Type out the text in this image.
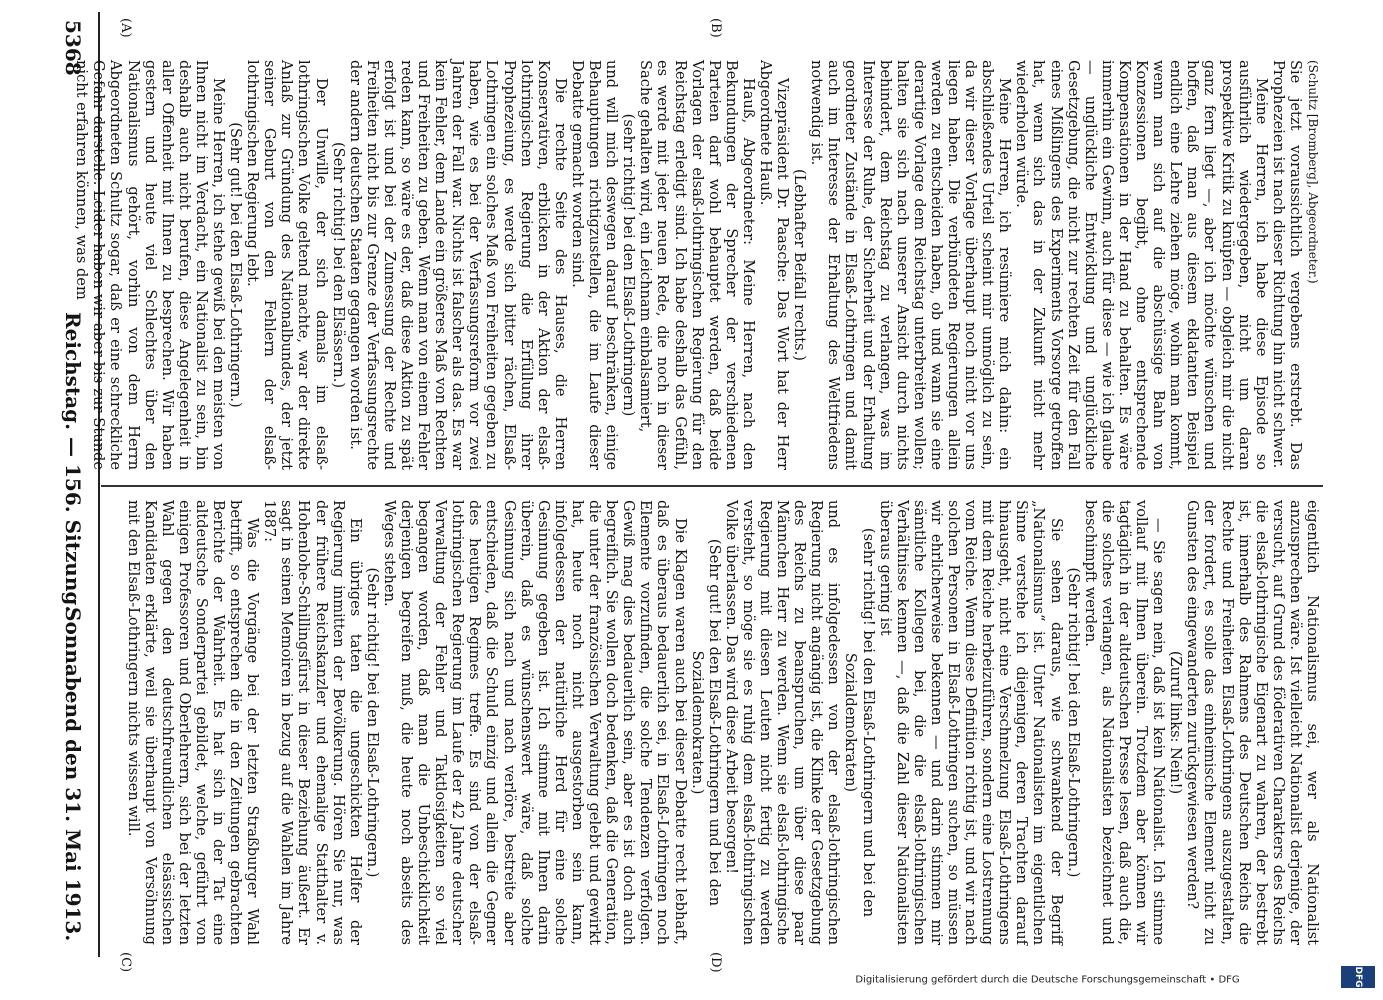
5368
Reichstag. — 156. Sitzung.
Sonnabend den 31. Mai 1913.
(A)	(B)
(C)	(D)

(Schultz [Bromberg], Abgeordneter.)

Sie jetzt voraussichtlich vergebens erstrebt. Das Prophezeien ist nach dieser Richtung hin nicht schwer.

Meine Herren, ich habe diese Episode so ausführlich wiedergegeben, nicht um daran prospektive Kritik zu knüpfen — obgleich mir die nicht ganz fern liegt —, aber ich möchte wünschen und hoffen, daß man aus diesem eklatanten Beispiel endlich eine Lehre ziehen möge, wohin man kommt, wenn man sich auf die abschüssige Bahn von Konzessionen begibt, ohne entsprechende Kompensationen in der Hand zu behalten. Es wäre immerhin ein Gewinn, auch für diese — wie ich glaube — unglückliche Entwicklung und unglückliche Gesetzgebung, die nicht zur rechten Zeit für den Fall eines Mißlingens des Experiments Vorsorge getroffen hat, wenn sich das in der Zukunft nicht mehr wiederholen würde.

Meine Herren, ich resümiere mich dahin: ein abschließendes Urteil scheint mir unmöglich zu sein, da wir dieser Vorlage überhaupt noch nicht vor uns liegen haben. Die verbündeten Regierungen allein werden zu entscheiden haben, ob und wann sie eine derartige Vorlage dem Reichstag unterbreiten wollen; halten sie sich nach unserer Ansicht durch nichts behindert, dem Reichstag zu verlangen, was im Interesse der Ruhe, der Sicherheit und der Erhaltung geordneter Zustände in Elsaß-Lothringen und damit auch im Interesse der Erhaltung des Weltfriedens notwendig ist.

(Lebhafter Beifall rechts.)

Vizepräsident Dr. Paasche: Das Wort hat der Herr Abgeordnete Hauß.

Hauß, Abgeordneter: Meine Herren, nach den Bekundungen der Sprecher der verschiedenen Parteien darf wohl behauptet werden, daß beide Vorlagen der elsaß-lothringischen Regierung für den Reichstag erledigt sind. Ich habe deshalb das Gefühl, es werde mit jeder neuen Rede, die noch in dieser Sache gehalten wird, ein Leichnam einbalsamiert,

(sehr richtig! bei den Elsaß-Lothringern)

und will mich deswegen darauf beschränken, einige Behauptungen richtigzustellen, die im Laufe dieser Debatte gemacht worden sind.

Die rechte Seite des Hauses, die Herren Konservativen, erblicken in der Aktion der elsaß-lothringischen Regierung die Erfüllung ihrer Prophezeiung, es werde sich bitter rächen, Elsaß-Lothringen ein solches Maß von Freiheiten gegeben zu haben, wie es bei der Verfassungsreform vor zwei Jahren der Fall war. Nichts ist falscher als das. Es war kein Fehler, dem Lande ein größeres Maß von Rechten und Freiheiten zu geben. Wenn man von einem Fehler reden kann, so wäre es der, daß diese Aktion zu spät erfolgt ist und bei der Zumessung der Rechte und Freiheiten nicht bis zur Grenze der Verfassungsrechte der andern deutschen Staaten gegangen worden ist.

(Sehr richtig! bei den Elsässern.)

Der Unwille, der sich damals im elsaß-lothringischen Volke geltend machte, war der direkte Anlaß zur Gründung des Nationalbundes, der jetzt seiner Geburt von den Fehlern der elsaß-lothringischen Regierung lebt.

(Sehr gut! bei den Elsaß-Lothringern.)

Meine Herren, ich stehe gewiß bei den meisten von Ihnen nicht im Verdacht, ein Nationalist zu sein, bin deshalb auch nicht berufen, diese Angelegenheit in aller Offenheit mit Ihnen zu besprechen. Wir haben gestern und heute viel Schlechtes über den Nationalismus gehört, vorhin von dem Herrn Abgeordneten Schultz sogar, daß er eine schreckliche Gefahr darstelle. Leider haben wir aber bis zur Stunde nicht erfahren können, was dem

eigentlich Nationalismus sei, wer als Nationalist anzusprechen wäre. Ist vielleicht Nationalist derjenige, der versucht, auf Grund des föderativen Charakters des Reichs die elsaß-lothringische Eigenart zu wahren, der bestrebt ist, innerhalb des Rahmens des Deutschen Reichs die Rechte und Freiheiten Elsaß-Lothringens auszugestalten, der fordert, es solle das einheimische Element nicht zu Gunsten des eingewanderten zurückgewiesen werden?

(Zuruf links: Nein!)

— Sie sagen nein, daß ist kein Nationalist. Ich stimme vollauf mit Ihnen überein. Trotzdem aber können wir tagtäglich in der altdeutschen Presse lesen, daß auch die, die solches verlangen, als Nationalisten bezeichnet und beschimpft werden.

(Sehr richtig! bei den Elsaß-Lothringern.)

Sie sehen daraus, wie schwankend der Begriff „Nationalismus“ ist. Unter Nationalisten im eigentlichen Sinne verstehe ich diejenigen, deren Trachten darauf hinausgeht, nicht eine Verschmelzung Elsaß-Lothringens mit dem Reiche herbeizuführen, sondern eine Lostrennung vom Reiche. Wenn diese Definition richtig ist, und wir nach solchen Personen in Elsaß-Lothringen suchen, so müssen wir ehrlicherweise bekennen — und darin stimmen mir sämtliche Kollegen bei, die die elsaß-lothringischen Verhältnisse kennen —, daß die Zahl dieser Nationalisten überaus gering ist

(sehr richtig! bei den Elsaß-Lothringern und bei den Sozialdemokraten)

und es infolgedessen von der elsaß-lothringischen Regierung nicht angängig ist, die Klinke der Gesetzgebung des Reichs zu beanspruchen, um über diese paar Männchen Herr zu werden. Wenn sie elsaß-lothringische Regierung mit diesen Leuten nicht fertig zu werden versteht, so möge sie es ruhig dem elsaß-lothringischen Volke überlassen. Das wird diese Arbeit besorgen!

(Sehr gut! bei den Elsaß-Lothringern und bei den Sozialdemokraten.)

Die Klagen waren auch bei dieser Debatte recht lebhaft, daß es überaus bedauerlich sei, in Elsaß-Lothringen noch Elemente vorzufinden, die solche Tendenzen verfolgen. Gewiß mag dies bedauerlich sein, aber es ist doch auch begreiflich. Sie wollen doch bedenken, daß die Generation, die unter der französischen Verwaltung gelebt und gewirkt hat, heute noch nicht ausgestorben sein kann, infolgedessen der natürliche Herd für eine solche Gesinnung gegeben ist. Ich stimme mit Ihnen darin überein, daß es wünschenswert wäre, daß solche Gesinnung sich nach und nach verlöre, bestreite aber entschieden, daß die Schuld einzig und allein die Gegner des heutigen Regimes treffe. Es sind von der elsaß-lothringischen Regierung im Laufe der 42 Jahre deutscher Verwaltung der Fehler und Taktlosigkeiten so viel begangen worden, daß man die Unbeschicklichkeit derjenigen begreifen muß, die heute noch abseits des Weges stehen.

(Sehr richtig! bei den Elsaß-Lothringern.)

Ein übriges taten die ungeschickten Helfer der Regierung inmitten der Bevölkerung. Hören Sie nur, was der frühere Reichskanzler und ehemalige Statthalter v. Hohenlohe-Schillingsfürst in dieser Beziehung äußert. Er sagt in seinen Memoiren in bezug auf die Wahlen im Jahre 1887:

Was die Vorgänge bei der letzten Straßburger Wahl betrifft, so entsprechen die in den Zeitungen gebrachten Berichte der Wahrheit. Es hat sich in der Tat eine altdeutsche Sonderpartei gebildet, welche, geführt von einigen Professoren und Oberlehrern, sich bei der letzten Wahl gegen den deutschfreundlichen elsässischen Kandidaten erklärte, weil sie überhaupt von Versöhnung mit den Elsaß-Lothringern nichts wissen will.

DFG
Digitalisierung gefördert durch die Deutsche Forschungsgemeinschaft • DFG
